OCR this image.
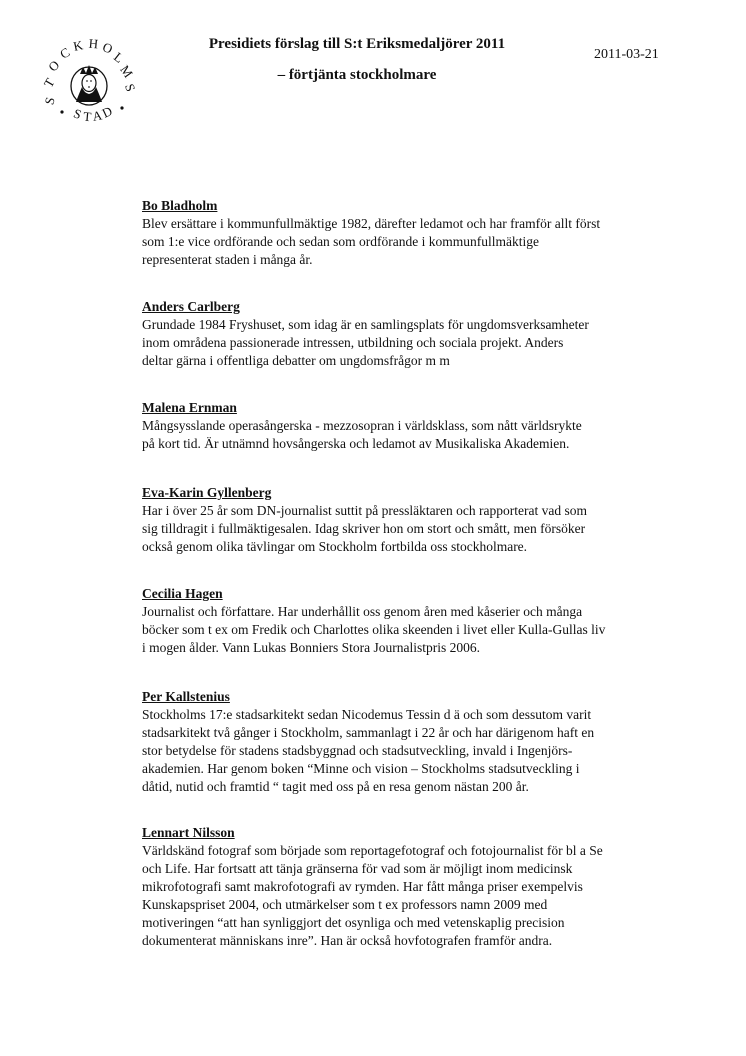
S
T
O
C K H O
L
M
S
S T A
D
Presidiets förslag till S:t Eriksmedaljörer 2011
– förtjänta stockholmare
2011-03-21
Bo Bladholm
Blev ersättare i kommunfullmäktige 1982, därefter ledamot och har framför allt först
som 1:e vice ordförande och sedan som ordförande i kommunfullmäktige
representerat staden i många år.
Anders Carlberg
Grundade 1984 Fryshuset, som idag är en samlingsplats för ungdomsverksamheter
inom områdena passionerade intressen, utbildning och sociala projekt. Anders
deltar gärna i offentliga debatter om ungdomsfrågor m m
Malena Ernman
Mångsysslande operasångerska - mezzosopran i världsklass, som nått världsrykte
på kort tid. Är utnämnd hovsångerska och ledamot av Musikaliska Akademien.
Eva-Karin Gyllenberg
Har i över 25 år som DN-journalist suttit på pressläktaren och rapporterat vad som
sig tilldragit i fullmäktigesalen. Idag skriver hon om stort och smått, men försöker
också genom olika tävlingar om Stockholm fortbilda oss stockholmare.
Cecilia Hagen
Journalist och författare. Har underhållit oss genom åren med kåserier och många
böcker som t ex om Fredik och Charlottes olika skeenden i livet eller Kulla-Gullas liv
i mogen ålder. Vann Lukas Bonniers Stora Journalistpris 2006.
Per Kallstenius
Stockholms 17:e stadsarkitekt sedan Nicodemus Tessin d ä och som dessutom varit
stadsarkitekt två gånger i Stockholm, sammanlagt i 22 år och har därigenom haft en
stor betydelse för stadens stadsbyggnad och stadsutveckling, invald i Ingenjörs-
akademien. Har genom boken “Minne och vision – Stockholms stadsutveckling i
dåtid, nutid och framtid “ tagit med oss på en resa genom nästan 200 år.
Lennart Nilsson
Världskänd fotograf som började som reportagefotograf och fotojournalist för bl a Se
och Life. Har fortsatt att tänja gränserna för vad som är möjligt inom medicinsk
mikrofotografi samt makrofotografi av rymden. Har fått många priser exempelvis
Kunskapspriset 2004, och utmärkelser som t ex professors namn 2009 med
motiveringen “att han synliggjort det osynliga och med vetenskaplig precision
dokumenterat människans inre”. Han är också hovfotografen framför andra.
